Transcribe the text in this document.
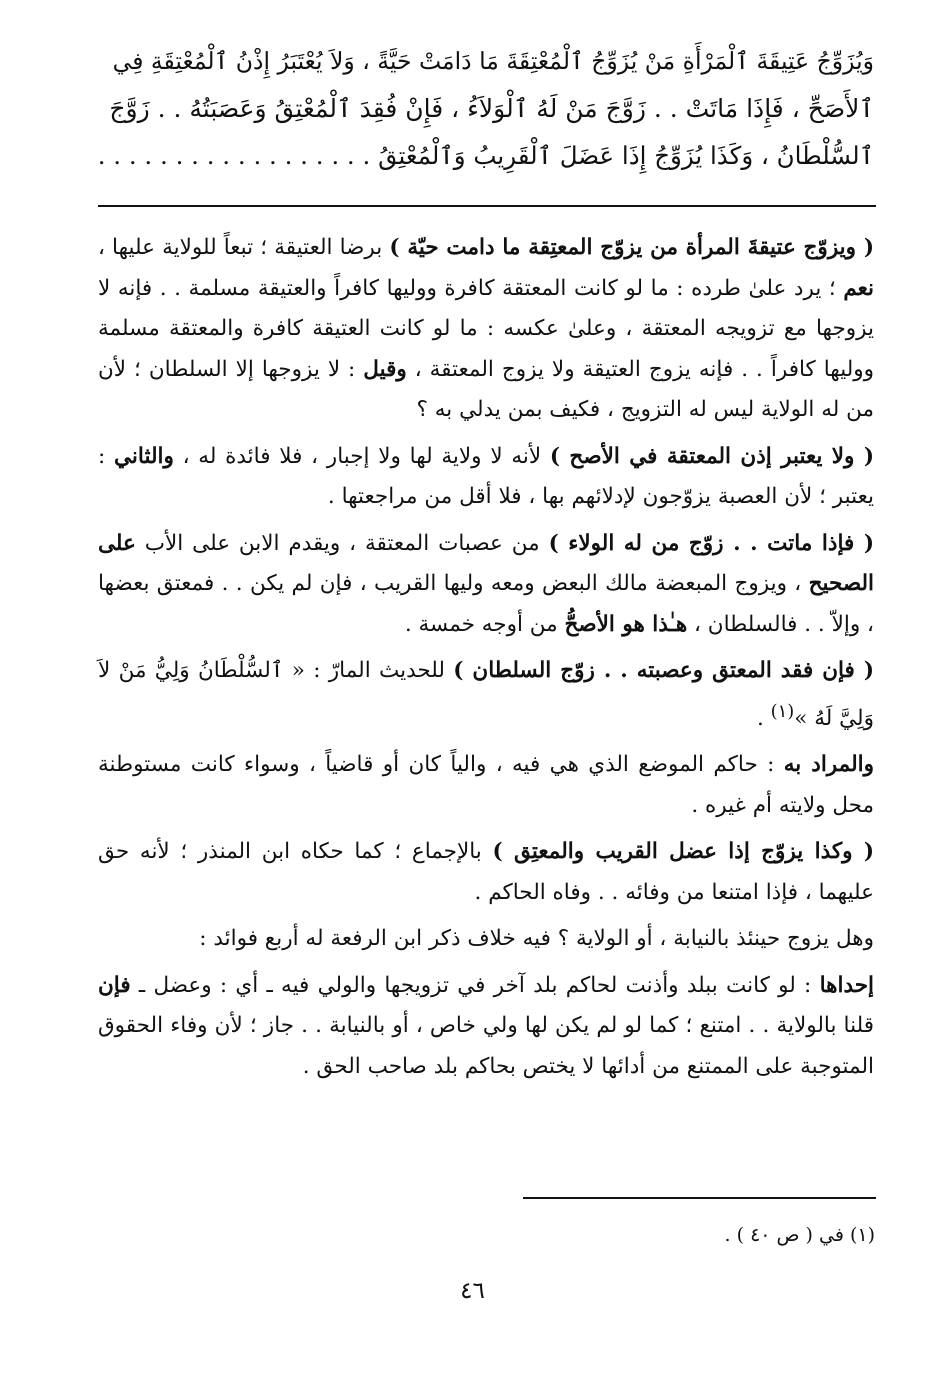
وَيُزَوِّجُ عَتِيقَةَ ٱلْمَرْأَةِ مَنْ يُزَوِّجُ ٱلْمُعْتِقَةَ مَا دَامَتْ حَيَّةً ، وَلاَ يُعْتَبَرُ إِذْنُ ٱلْمُعْتِقَةِ فِي
ٱلأَصَحِّ ، فَإِذَا مَاتَتْ . . زَوَّجَ مَنْ لَهُ ٱلْوَلاَءُ ، فَإِنْ فُقِدَ ٱلْمُعْتِقُ وَعَصَبَتُهُ . . زَوَّجَ
ٱلسُّلْطَانُ ، وَكَذَا يُزَوِّجُ إِذَا عَضَلَ ٱلْقَرِيبُ وَٱلْمُعْتِقُ . . . . . . . . . . . . . . . . . .

( ويزوّج عتيقةَ المرأة من يزوّج المعتِقة ما دامت حيّة ) برضا العتيقة ؛ تبعاً للولاية عليها ، نعم ؛ يرد علىٰ طرده : ما لو كانت المعتقة كافرة ووليها كافراً والعتيقة مسلمة . . فإنه لا يزوجها مع تزويجه المعتقة ، وعلىٰ عكسه : ما لو كانت العتيقة كافرة والمعتقة مسلمة ووليها كافراً . . فإنه يزوج العتيقة ولا يزوج المعتقة ، وقيل : لا يزوجها إلا السلطان ؛ لأن من له الولاية ليس له التزويج ، فكيف بمن يدلي به ؟

( ولا يعتبر إذن المعتقة في الأصح ) لأنه لا ولاية لها ولا إجبار ، فلا فائدة له ، والثاني : يعتبر ؛ لأن العصبة يزوّجون لإدلائهم بها ، فلا أقل من مراجعتها .

( فإذا ماتت . . زوّج من له الولاء ) من عصبات المعتقة ، ويقدم الابن على الأب على الصحيح ، ويزوج المبعضة مالك البعض ومعه وليها القريب ، فإن لم يكن . . فمعتق بعضها ، وإلاّ . . فالسلطان ، هـٰذا هو الأصحُّ من أوجه خمسة .

( فإن فقد المعتق وعصبته . . زوّج السلطان ) للحديث المارّ : « ٱلسُّلْطَانُ وَلِيُّ مَنْ لاَ وَلِيَّ لَهُ »$^{(١)}$ .

والمراد به : حاكم الموضع الذي هي فيه ، والياً كان أو قاضياً ، وسواء كانت مستوطنة محل ولايته أم غيره .

( وكذا يزوّج إذا عضل القريب والمعتِق ) بالإجماع ؛ كما حكاه ابن المنذر ؛ لأنه حق عليهما ، فإذا امتنعا من وفائه . . وفاه الحاكم .

وهل يزوج حينئذ بالنيابة ، أو الولاية ؟ فيه خلاف ذكر ابن الرفعة له أربع فوائد :

إحداها : لو كانت ببلد وأذنت لحاكم بلد آخر في تزويجها والولي فيه ـ أي : وعضل ـ فإن قلنا بالولاية . . امتنع ؛ كما لو لم يكن لها ولي خاص ، أو بالنيابة . . جاز ؛ لأن وفاء الحقوق المتوجبة على الممتنع من أدائها لا يختص بحاكم بلد صاحب الحق .

(١) في ( ص ٤٠ ) .
٤٦
